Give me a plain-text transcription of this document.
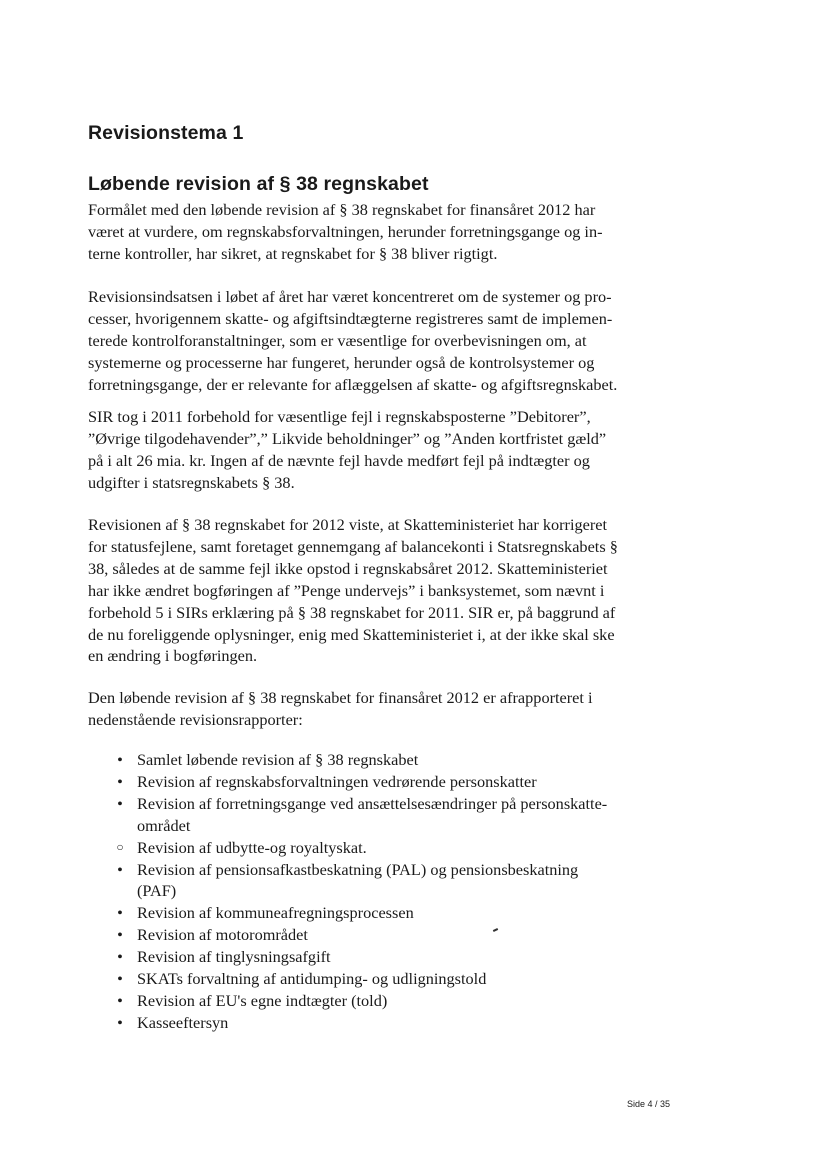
Revisionstema 1
Løbende revision af § 38 regnskabet
Formålet med den løbende revision af § 38 regnskabet for finansåret 2012 har
været at vurdere, om regnskabsforvaltningen, herunder forretningsgange og in-
terne kontroller, har sikret, at regnskabet for § 38 bliver rigtigt.
Revisionsindsatsen i løbet af året har været koncentreret om de systemer og pro-
cesser, hvorigennem skatte- og afgiftsindtægterne registreres samt de implemen-
terede kontrolforanstaltninger, som er væsentlige for overbevisningen om, at
systemerne og processerne har fungeret, herunder også de kontrolsystemer og
forretningsgange, der er relevante for aflæggelsen af skatte- og afgiftsregnskabet.
SIR tog i 2011 forbehold for væsentlige fejl i regnskabsposterne ”Debitorer”,
”Øvrige tilgodehavender”,” Likvide beholdninger” og ”Anden kortfristet gæld”
på i alt 26 mia. kr. Ingen af de nævnte fejl havde medført fejl på indtægter og
udgifter i statsregnskabets § 38.
Revisionen af § 38 regnskabet for 2012 viste, at Skatteministeriet har korrigeret
for statusfejlene, samt foretaget gennemgang af balancekonti i Statsregnskabets §
38, således at de samme fejl ikke opstod i regnskabsåret 2012. Skatteministeriet
har ikke ændret bogføringen af ”Penge undervejs” i banksystemet, som nævnt i
forbehold 5 i SIRs erklæring på § 38 regnskabet for 2011. SIR er, på baggrund af
de nu foreliggende oplysninger, enig med Skatteministeriet i, at der ikke skal ske
en ændring i bogføringen.
Den løbende revision af § 38 regnskabet for finansåret 2012 er afrapporteret i
nedenstående revisionsrapporter:
• Samlet løbende revision af § 38 regnskabet
• Revision af regnskabsforvaltningen vedrørende personskatter
• Revision af forretningsgange ved ansættelsesændringer på personskatte-
området
○ Revision af udbytte-og royaltyskat.
• Revision af pensionsafkastbeskatning (PAL) og pensionsbeskatning
(PAF)
• Revision af kommuneafregningsprocessen
• Revision af motorområdet
• Revision af tinglysningsafgift
• SKATs forvaltning af antidumping- og udligningstold
• Revision af EU's egne indtægter (told)
• Kasseeftersyn
Side 4 / 35
